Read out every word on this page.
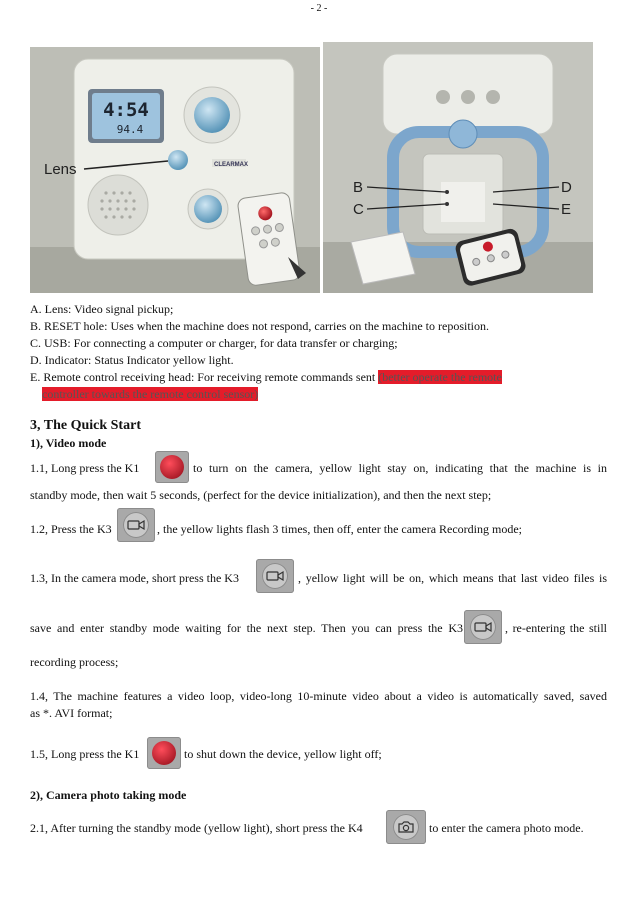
- 2 -
4:54
94.4
CLEARMAX
Lens
B
C
D
E
A. Lens: Video signal pickup;
B. RESET hole: Uses when the machine does not respond, carries on the machine to reposition.
C. USB: For connecting a computer or charger, for data transfer or charging;
D. Indicator: Status Indicator yellow light.
E. Remote control receiving head: For receiving remote commands sent (better operate the remote
controller towards the remote control sensor)
3, The Quick Start
1), Video mode
1.1, Long press the K1	to turn on the camera, yellow light stay on, indicating that the machine is in
standby mode, then wait 5 seconds, (perfect for the device initialization), and then the next step;
1.2, Press the K3	, the yellow lights flash 3 times, then off, enter the camera Recording mode;
1.3, In the camera mode, short press the K3	, yellow light will be on, which means that last video files is
save and enter standby mode waiting for the next step. Then you can press the K3	, re-entering the still
recording process;
1.4, The machine features a video loop, video-long 10-minute video about a video is automatically saved, saved
as *. AVI format;
1.5, Long press the K1	to shut down the device, yellow light off;
2), Camera photo taking mode
2.1, After turning the standby mode (yellow light), short press the K4	to enter the camera photo mode.
